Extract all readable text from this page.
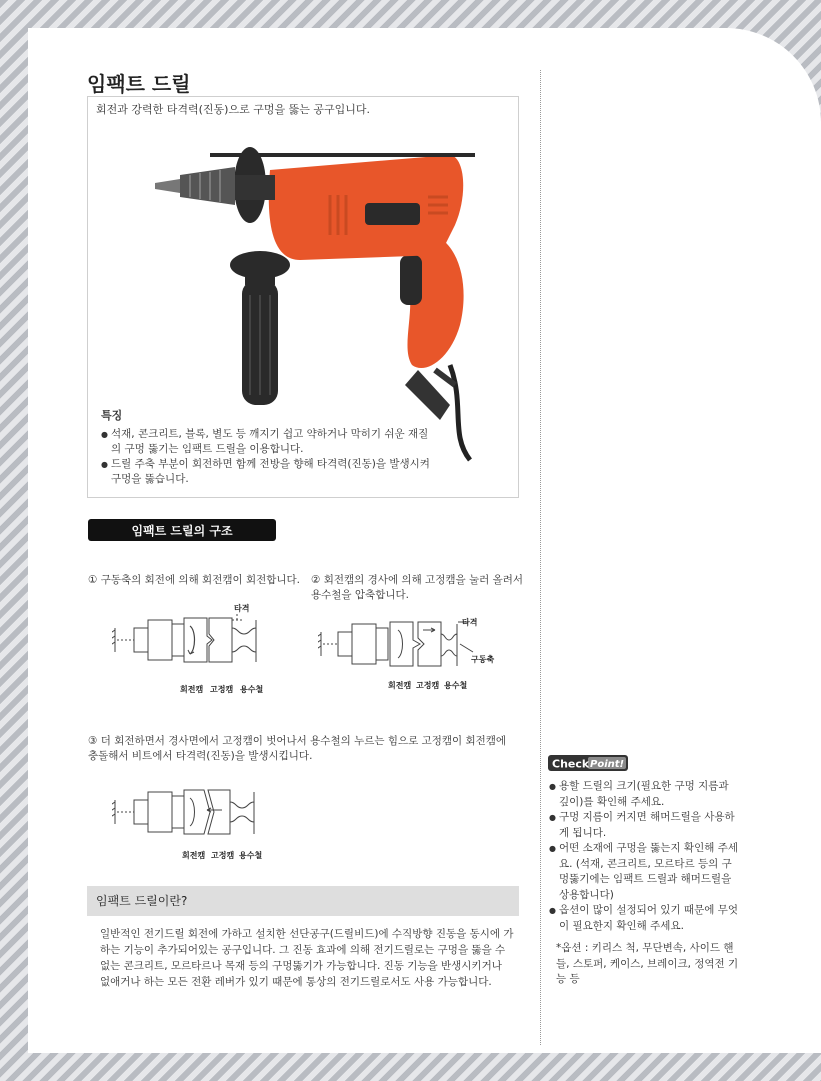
임팩트 드릴

회전과 강력한 타격력(진동)으로 구멍을 뚫는 공구입니다.

특징
● 석재, 콘크리트, 블록, 별도 등 깨지기 쉽고 약하거나 막히기 쉬운 재질의 구멍 뚫기는 임팩트 드릴을 이용합니다.
● 드릴 주축 부분이 회전하면 함께 전방을 향해 타격력(진동)을 발생시켜 구멍을 뚫습니다.
임팩트 드릴의 구조

① 구동축의 회전에 의해 회전캠이 회전합니다. ② 회전캠의 경사에 의해 고정캠을 눌러 올려서 용수철을 압축합니다.

타격
회전캠 고정캠 용수철
타격
구동축
회전캠 고정캠 용수철

③ 더 회전하면서 경사면에서 고정캠이 벗어나서 용수철의 누르는 힘으로 고정캠이 회전캠에 충돌해서 비트에서 타격력(진동)을 발생시킵니다.

회전캠 고정캠 용수철
임팩트 드릴이란?

일반적인 전기드릴 회전에 가하고 설치한 선단공구(드릴비드)에 수직방향 진동을 동시에 가하는 기능이 추가되어있는 공구입니다. 그 진동 효과에 의해 전기드릴로는 구멍을 뚫을 수 없는 콘크리트, 모르타르나 목재 등의 구멍뚫기가 가능합니다. 진동 기능을 반생시키거나 없애거나 하는 모든 전환 레버가 있기 때문에 통상의 전기드릴로서도 사용 가능합니다.

Check Point!
● 용할 드릴의 크기(필요한 구멍 지름과 깊이)를 확인해 주세요.
● 구멍 지름이 커지면 해머드릴을 사용하게 됩니다.
● 어떤 소재에 구멍을 뚫는지 확인해 주세요. (석재, 콘크리트, 모르타르 등의 구멍뚫기에는 임팩트 드릴과 해머드릴을 상용합니다)
● 옵션이 많이 설정되어 있기 때문에 무엇이 필요한지 확인해 주세요.

*옵션 : 키리스 척, 무단변속, 사이드 핸들, 스토퍼, 케이스, 브레이크, 정역전 기능 등
